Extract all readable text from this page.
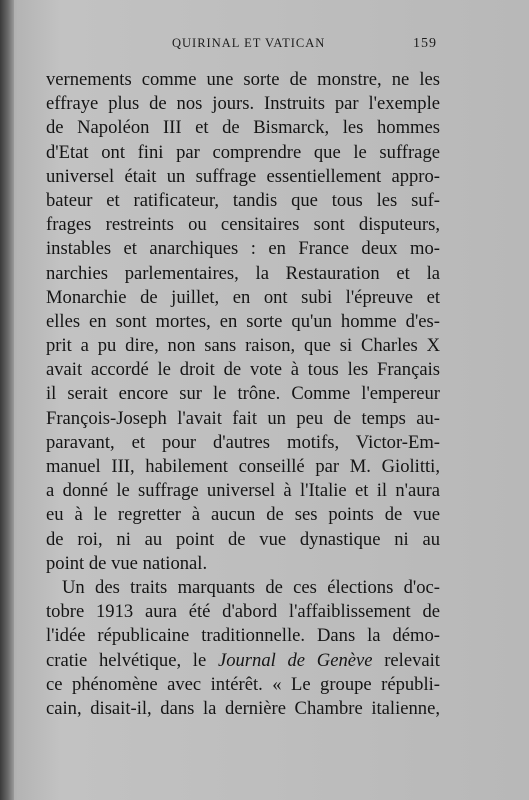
QUIRINAL ET VATICAN	159
vernements comme une sorte de monstre, ne les
effraye plus de nos jours. Instruits par l'exemple
de Napoléon III et de Bismarck, les hommes
d'Etat ont fini par comprendre que le suffrage
universel était un suffrage essentiellement appro-
bateur et ratificateur, tandis que tous les suf-
frages restreints ou censitaires sont disputeurs,
instables et anarchiques : en France deux mo-
narchies parlementaires, la Restauration et la
Monarchie de juillet, en ont subi l'épreuve et
elles en sont mortes, en sorte qu'un homme d'es-
prit a pu dire, non sans raison, que si Charles X
avait accordé le droit de vote à tous les Français
il serait encore sur le trône. Comme l'empereur
François-Joseph l'avait fait un peu de temps au-
paravant, et pour d'autres motifs, Victor-Em-
manuel III, habilement conseillé par M. Giolitti,
a donné le suffrage universel à l'Italie et il n'aura
eu à le regretter à aucun de ses points de vue
de roi, ni au point de vue dynastique ni au
point de vue national.
Un des traits marquants de ces élections d'oc-
tobre 1913 aura été d'abord l'affaiblissement de
l'idée républicaine traditionnelle. Dans la démo-
cratie helvétique, le Journal de Genève relevait
ce phénomène avec intérêt. « Le groupe républi-
cain, disait-il, dans la dernière Chambre italienne,
